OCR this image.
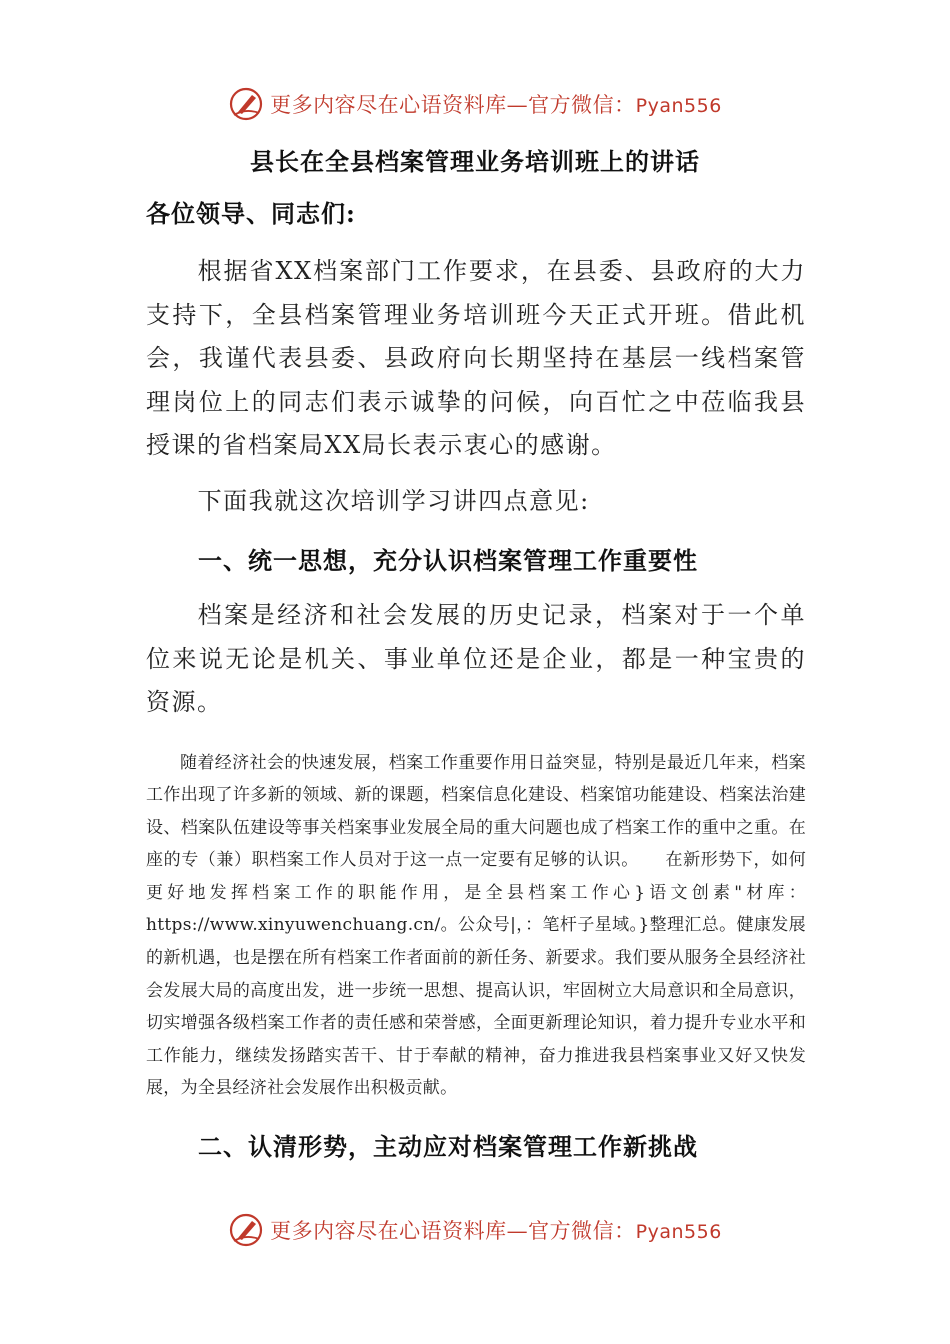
更多内容尽在心语资料库—官方微信：Pyan556
县长在全县档案管理业务培训班上的讲话
各位领导、同志们:

根据省XX档案部门工作要求，在县委、县政府的大力支持下，全县档案管理业务培训班今天正式开班。借此机会，我谨代表县委、县政府向长期坚持在基层一线档案管理岗位上的同志们表示诚挚的问候，向百忙之中莅临我县授课的省档案局XX局长表示衷心的感谢。

下面我就这次培训学习讲四点意见:

一、统一思想，充分认识档案管理工作重要性

档案是经济和社会发展的历史记录，档案对于一个单位来说无论是机关、事业单位还是企业，都是一种宝贵的资源。

随着经济社会的快速发展，档案工作重要作用日益突显，特别是最近几年来，档案工作出现了许多新的领域、新的课题，档案信息化建设、档案馆功能建设、档案法治建设、档案队伍建设等事关档案事业发展全局的重大问题也成了档案工作的重中之重。在座的专（兼）职档案工作人员对于这一点一定要有足够的认识。　　在新形势下，如何更好地发挥档案工作的职能作用，是全县档案工作心}语文创素"材库：https://www.xinyuwenchuang.cn/。公众号|，：笔杆子星域。}整理汇总。健康发展的新机遇，也是摆在所有档案工作者面前的新任务、新要求。我们要从服务全县经济社会发展大局的高度出发，进一步统一思想、提高认识，牢固树立大局意识和全局意识，切实增强各级档案工作者的责任感和荣誉感，全面更新理论知识，着力提升专业水平和工作能力，继续发扬踏实苦干、甘于奉献的精神，奋力推进我县档案事业又好又快发展，为全县经济社会发展作出积极贡献。

二、认清形势，主动应对档案管理工作新挑战

更多内容尽在心语资料库—官方微信：Pyan556
